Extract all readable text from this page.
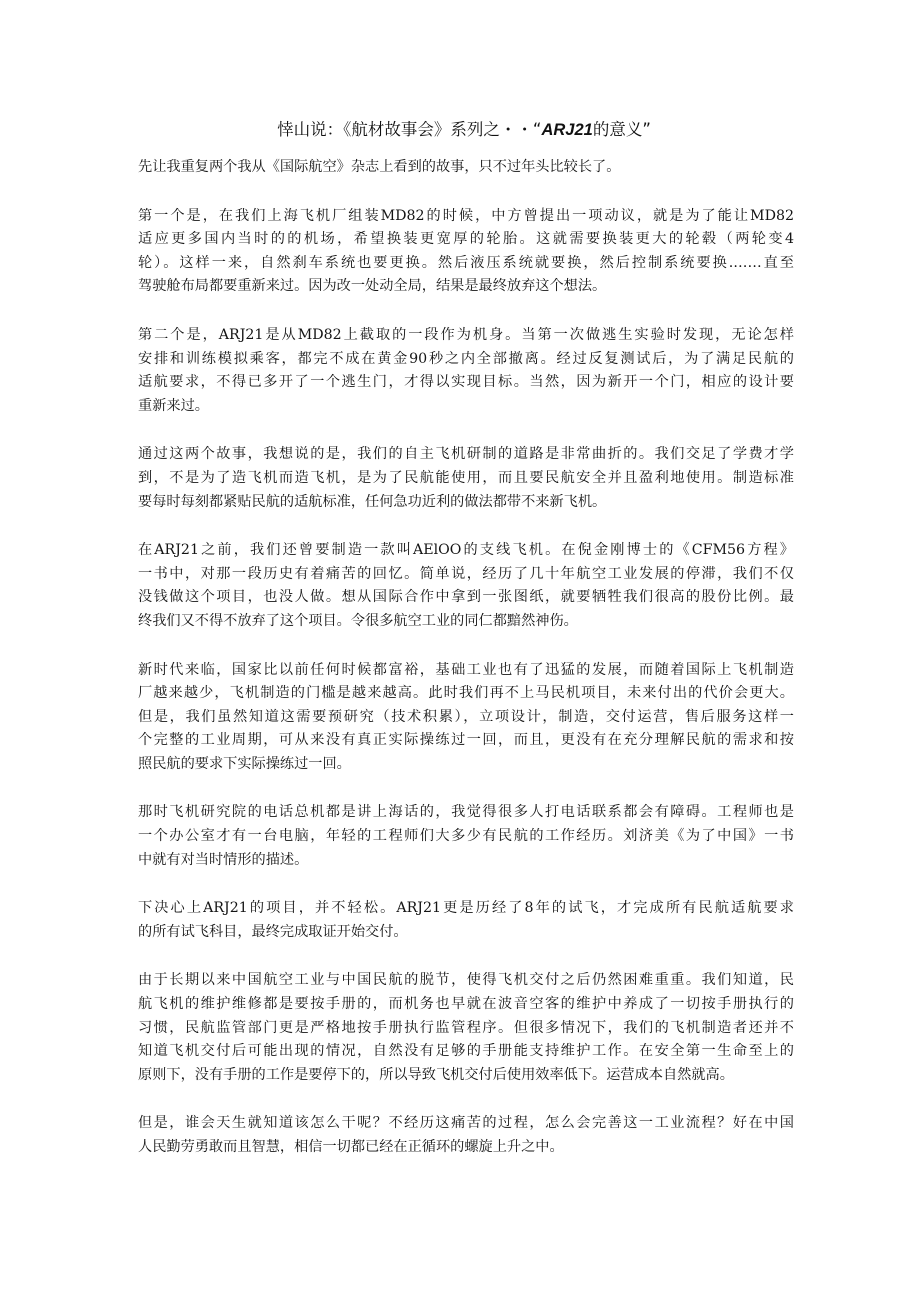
悻山说：《航材故事会》系列之・・“ARJ21的意义”

先让我重复两个我从《国际航空》杂志上看到的故事，只不过年头比较长了。

第一个是，在我们上海飞机厂组装MD82的时候，中方曾提出一项动议，就是为了能让MD82
适应更多国内当时的的机场，希望换装更宽厚的轮胎。这就需要换装更大的轮毂（两轮变4
轮）。这样一来，自然刹车系统也要更换。然后液压系统就要换，然后控制系统要换.……直至
驾驶舱布局都要重新来过。因为改一处动全局，结果是最终放弃这个想法。

第二个是，ARJ21是从MD82上截取的一段作为机身。当第一次做逃生实验时发现，无论怎样
安排和训练模拟乘客，都完不成在黄金90秒之内全部撤离。经过反复测试后，为了满足民航的
适航要求，不得已多开了一个逃生门，才得以实现目标。当然，因为新开一个门，相应的设计要
重新来过。

通过这两个故事，我想说的是，我们的自主飞机研制的道路是非常曲折的。我们交足了学费才学
到，不是为了造飞机而造飞机，是为了民航能使用，而且要民航安全并且盈利地使用。制造标准
要每时每刻都紧贴民航的适航标准，任何急功近利的做法都带不来新飞机。

在ARJ21之前，我们还曾要制造一款叫AElOO的支线飞机。在倪金刚博士的《CFM56方程》
一书中，对那一段历史有着痛苦的回忆。简单说，经历了几十年航空工业发展的停滞，我们不仅
没钱做这个项目，也没人做。想从国际合作中拿到一张图纸，就要牺牲我们很高的股份比例。最
终我们又不得不放弃了这个项目。令很多航空工业的同仁都黯然神伤。

新时代来临，国家比以前任何时候都富裕，基础工业也有了迅猛的发展，而随着国际上飞机制造
厂越来越少，飞机制造的门槛是越来越高。此时我们再不上马民机项目，未来付出的代价会更大。
但是，我们虽然知道这需要预研究（技术积累），立项设计，制造，交付运营，售后服务这样一
个完整的工业周期，可从来没有真正实际操练过一回，而且，更没有在充分理解民航的需求和按
照民航的要求下实际操练过一回。

那时飞机研究院的电话总机都是讲上海话的，我觉得很多人打电话联系都会有障碍。工程师也是
一个办公室才有一台电脑，年轻的工程师们大多少有民航的工作经历。刘济美《为了中国》一书
中就有对当时情形的描述。

下决心上ARJ21的项目，并不轻松。ARJ21更是历经了8年的试飞，才完成所有民航适航要求
的所有试飞科目，最终完成取证开始交付。

由于长期以来中国航空工业与中国民航的脱节，使得飞机交付之后仍然困难重重。我们知道，民
航飞机的维护维修都是要按手册的，而机务也早就在波音空客的维护中养成了一切按手册执行的
习惯，民航监管部门更是严格地按手册执行监管程序。但很多情况下，我们的飞机制造者还并不
知道飞机交付后可能出现的情况，自然没有足够的手册能支持维护工作。在安全第一生命至上的
原则下，没有手册的工作是要停下的，所以导致飞机交付后使用效率低下。运营成本自然就高。

但是，谁会天生就知道该怎么干呢？不经历这痛苦的过程，怎么会完善这一工业流程？好在中国
人民勤劳勇敢而且智慧，相信一切都已经在正循环的螺旋上升之中。
